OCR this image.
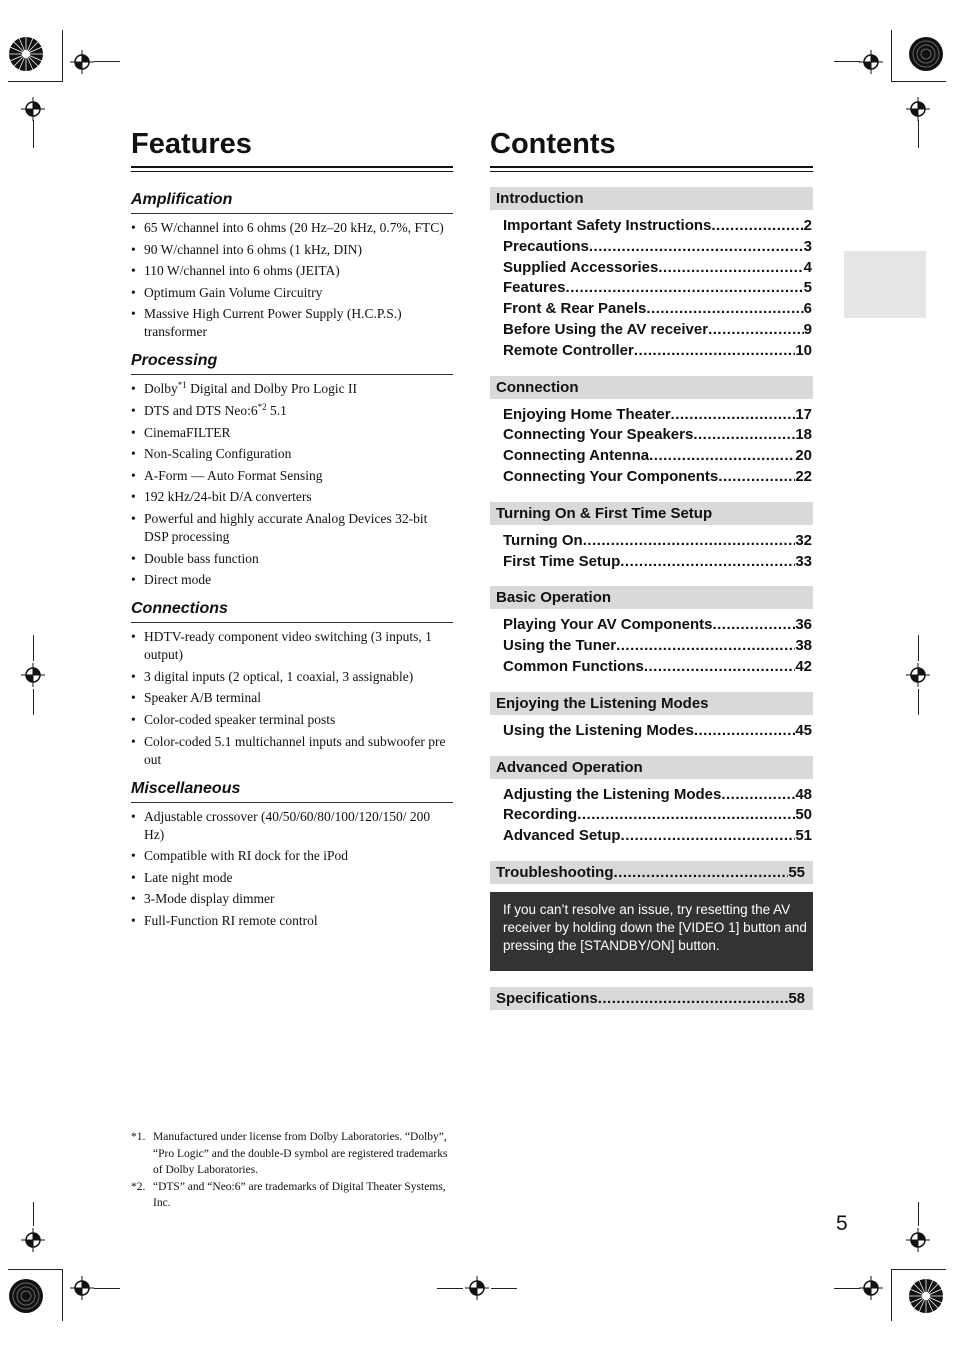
Features
Amplification
• 65 W/channel into 6 ohms (20 Hz–20 kHz, 0.7%, FTC)
• 90 W/channel into 6 ohms (1 kHz, DIN)
• 110 W/channel into 6 ohms (JEITA)
• Optimum Gain Volume Circuitry
• Massive High Current Power Supply (H.C.P.S.) transformer
Processing
• Dolby$^{*1}$ Digital and Dolby Pro Logic II
• DTS and DTS Neo:6$^{*2}$ 5.1
• CinemaFILTER
• Non-Scaling Configuration
• A-Form — Auto Format Sensing
• 192 kHz/24-bit D/A converters
• Powerful and highly accurate Analog Devices 32-bit DSP processing
• Double bass function
• Direct mode
Connections
• HDTV-ready component video switching (3 inputs, 1 output)
• 3 digital inputs (2 optical, 1 coaxial, 3 assignable)
• Speaker A/B terminal
• Color-coded speaker terminal posts
• Color-coded 5.1 multichannel inputs and subwoofer pre out
Miscellaneous
• Adjustable crossover (40/50/60/80/100/120/150/ 200 Hz)
• Compatible with RI dock for the iPod
• Late night mode
• 3-Mode display dimmer
• Full-Function RI remote control
Contents
Introduction
Important Safety Instructions .....	2
Precautions .....	3
Supplied Accessories .....	4
Features .....	5
Front & Rear Panels .....	6
Before Using the AV receiver .....	9
Remote Controller .....	10
Connection
Enjoying Home Theater .....	17
Connecting Your Speakers .....	18
Connecting Antenna .....	20
Connecting Your Components .....	22
Turning On & First Time Setup
Turning On .....	32
First Time Setup .....	33
Basic Operation
Playing Your AV Components .....	36
Using the Tuner .....	38
Common Functions .....	42
Enjoying the Listening Modes
Using the Listening Modes .....	45
Advanced Operation
Adjusting the Listening Modes .....	48
Recording .....	50
Advanced Setup .....	51
Troubleshooting .....	55
If you can’t resolve an issue, try resetting the AV receiver by holding down the [VIDEO 1] button and pressing the [STANDBY/ON] button.
Specifications .....	58
*1. Manufactured under license from Dolby Laboratories. “Dolby”, “Pro Logic” and the double-D symbol are registered trademarks of Dolby Laboratories.
*2. “DTS” and “Neo:6” are trademarks of Digital Theater Systems, Inc.
5
